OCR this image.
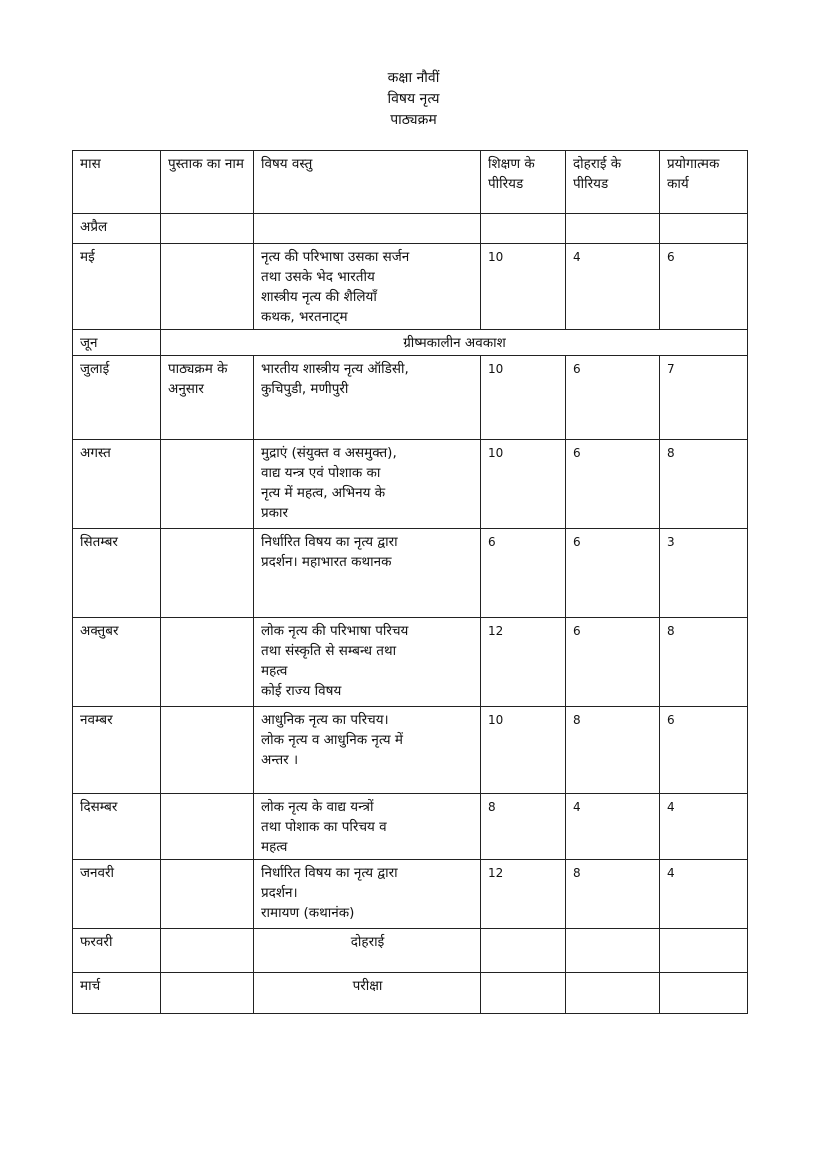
कक्षा नौवीं
विषय नृत्य
पाठ्यक्रम
मास	पुस्ताक का नाम	विषय वस्तु	शिक्षण के पीरियड	दोहराई के पीरियड	प्रयोगात्मक कार्य
अप्रैल					
मई		नृत्य की परिभाषा उसका सर्जन
तथा उसके भेद भारतीय
शास्त्रीय नृत्य की शैलियॉं
कथक, भरतनाट्म	10	4	6
जून	ग्रीष्मकालीन अवकाश				
जुलाई	पाठ्यक्रम के अनुसार	भारतीय शास्त्रीय नृत्य ऑडिसी,
कुचिपुडी, मणीपुरी	10	6	7
अगस्त		मुद्राएं (संयुक्त व असमुक्त),
वाद्य यन्त्र एवं पोशाक का
नृत्य में महत्व, अभिनय के
प्रकार	10	6	8
सितम्बर		निर्धारित विषय का नृत्य द्वारा
प्रदर्शन। महाभारत कथानक	6	6	3
अक्तुबर		लोक नृत्य की परिभाषा परिचय
तथा संस्कृति से सम्बन्ध तथा
महत्व
कोई राज्य विषय	12	6	8
नवम्बर		आधुनिक नृत्य का परिचय।
लोक नृत्य व आधुनिक नृत्य में
अन्तर ।	10	8	6
दिसम्बर		लोक नृत्य के वाद्य यन्त्रों
तथा पोशाक का परिचय व
महत्व	8	4	4
जनवरी		निर्धारित विषय का नृत्य द्वारा
प्रदर्शन।
रामायण (कथानंक)	12	8	4
फरवरी		दोहराई			
मार्च		परीक्षा			
